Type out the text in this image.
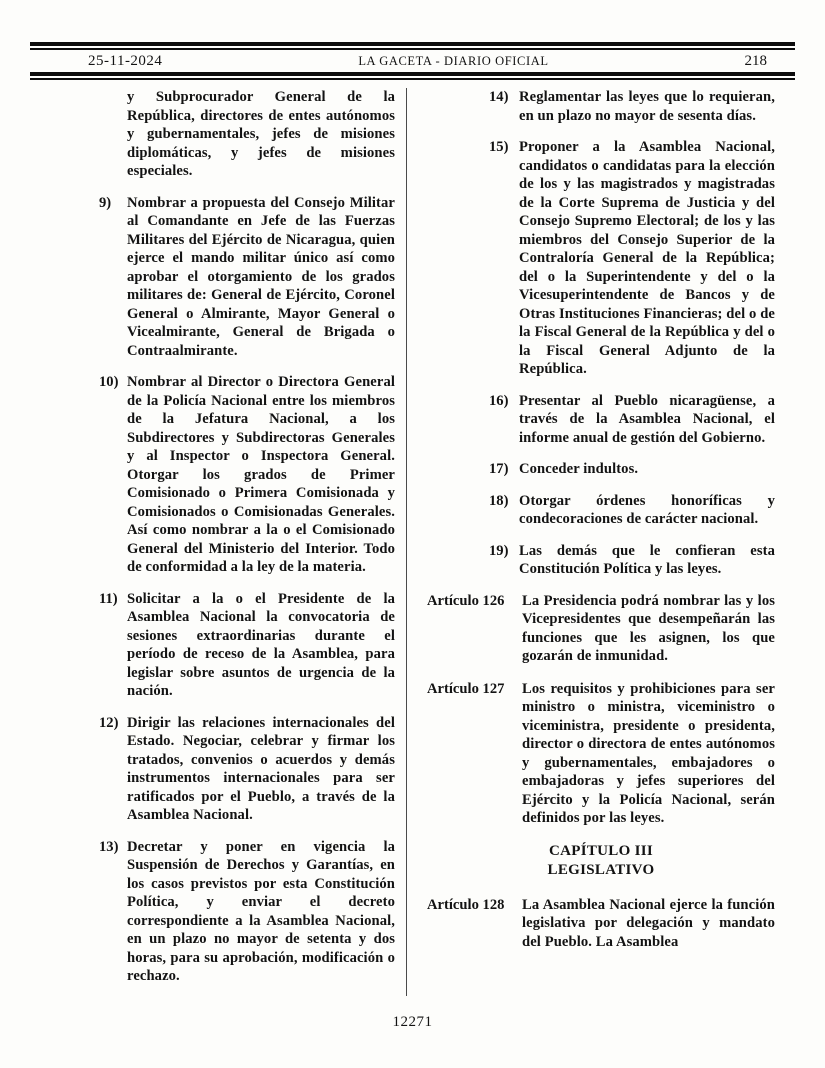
25-11-2024	LA GACETA - DIARIO OFICIAL	218

y Subprocurador General de la República, directores de entes autónomos y gubernamentales, jefes de misiones diplomáticas, y jefes de misiones especiales.

9)	Nombrar a propuesta del Consejo Militar al Comandante en Jefe de las Fuerzas Militares del Ejército de Nicaragua, quien ejerce el mando militar único así como aprobar el otorgamiento de los grados militares de: General de Ejército, Coronel General o Almirante, Mayor General o Vicealmirante, General de Brigada o Contraalmirante.

10) Nombrar al Director o Directora General de la Policía Nacional entre los miembros de la Jefatura Nacional, a los Subdirectores y Subdirectoras Generales y al Inspector o Inspectora General. Otorgar los grados de Primer Comisionado o Primera Comisionada y Comisionados o Comisionadas Generales. Así como nombrar a la o el Comisionado General del Ministerio del Interior. Todo de conformidad a la ley de la materia.

11) Solicitar a la o el Presidente de la Asamblea Nacional la convocatoria de sesiones extraordinarias durante el período de receso de la Asamblea, para legislar sobre asuntos de urgencia de la nación.

12) Dirigir las relaciones internacionales del Estado. Negociar, celebrar y firmar los tratados, convenios o acuerdos y demás instrumentos internacionales para ser ratificados por el Pueblo, a través de la Asamblea Nacional.

13) Decretar y poner en vigencia la Suspensión de Derechos y Garantías, en los casos previstos por esta Constitución Política, y enviar el decreto correspondiente a la Asamblea Nacional, en un plazo no mayor de setenta y dos horas, para su aprobación, modificación o rechazo.

14) Reglamentar las leyes que lo requieran, en un plazo no mayor de sesenta días.

15) Proponer a la Asamblea Nacional, candidatos o candidatas para la elección de los y las magistrados y magistradas de la Corte Suprema de Justicia y del Consejo Supremo Electoral; de los y las miembros del Consejo Superior de la Contraloría General de la República; del o la Superintendente y del o la Vicesuperintendente de Bancos y de Otras Instituciones Financieras; del o de la Fiscal General de la República y del o la Fiscal General Adjunto de la República.

16) Presentar al Pueblo nicaragüense, a través de la Asamblea Nacional, el informe anual de gestión del Gobierno.

17) Conceder indultos.

18) Otorgar órdenes honoríficas y condecoraciones de carácter nacional.

19) Las demás que le confieran esta Constitución Política y las leyes.

Artículo 126	La Presidencia podrá nombrar las y los Vicepresidentes que desempeñarán las funciones que les asignen, los que gozarán de inmunidad.

Artículo 127	Los requisitos y prohibiciones para ser ministro o ministra, viceministro o viceministra, presidente o presidenta, director o directora de entes autónomos y gubernamentales, embajadores o embajadoras y jefes superiores del Ejército y la Policía Nacional, serán definidos por las leyes.

CAPÍTULO III
LEGISLATIVO
Artículo 128	La Asamblea Nacional ejerce la función legislativa por delegación y mandato del Pueblo. La Asamblea

12271
